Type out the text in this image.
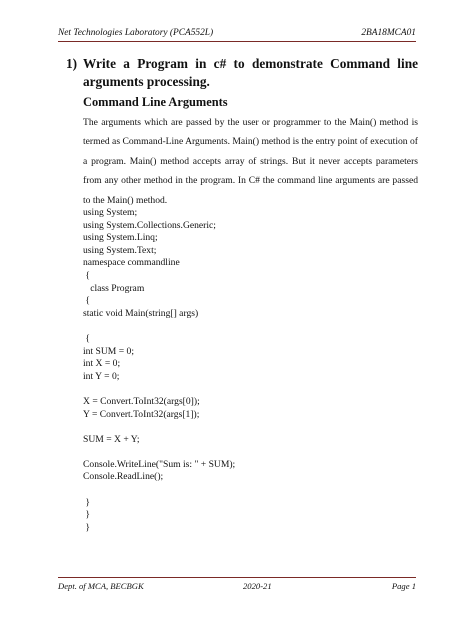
Net Technologies Laboratory (PCA552L)	2BA18MCA01
1) Write a Program in c# to demonstrate Command line arguments processing.
Command Line Arguments
The arguments which are passed by the user or programmer to the Main() method is termed as Command-Line Arguments. Main() method is the entry point of execution of a program. Main() method accepts array of strings. But it never accepts parameters from any other method in the program. In C# the command line arguments are passed to the Main() method.
using System;
using System.Collections.Generic;
using System.Linq;
using System.Text;
namespace commandline
{
class Program
{
static void Main(string[] args)
{
int SUM = 0;
int X = 0;
int Y = 0;
X = Convert.ToInt32(args[0]);
Y = Convert.ToInt32(args[1]);
SUM = X + Y;
Console.WriteLine("Sum is: " + SUM);
Console.ReadLine();
}
}
}
Dept. of MCA, BECBGK	2020-21	Page 1
